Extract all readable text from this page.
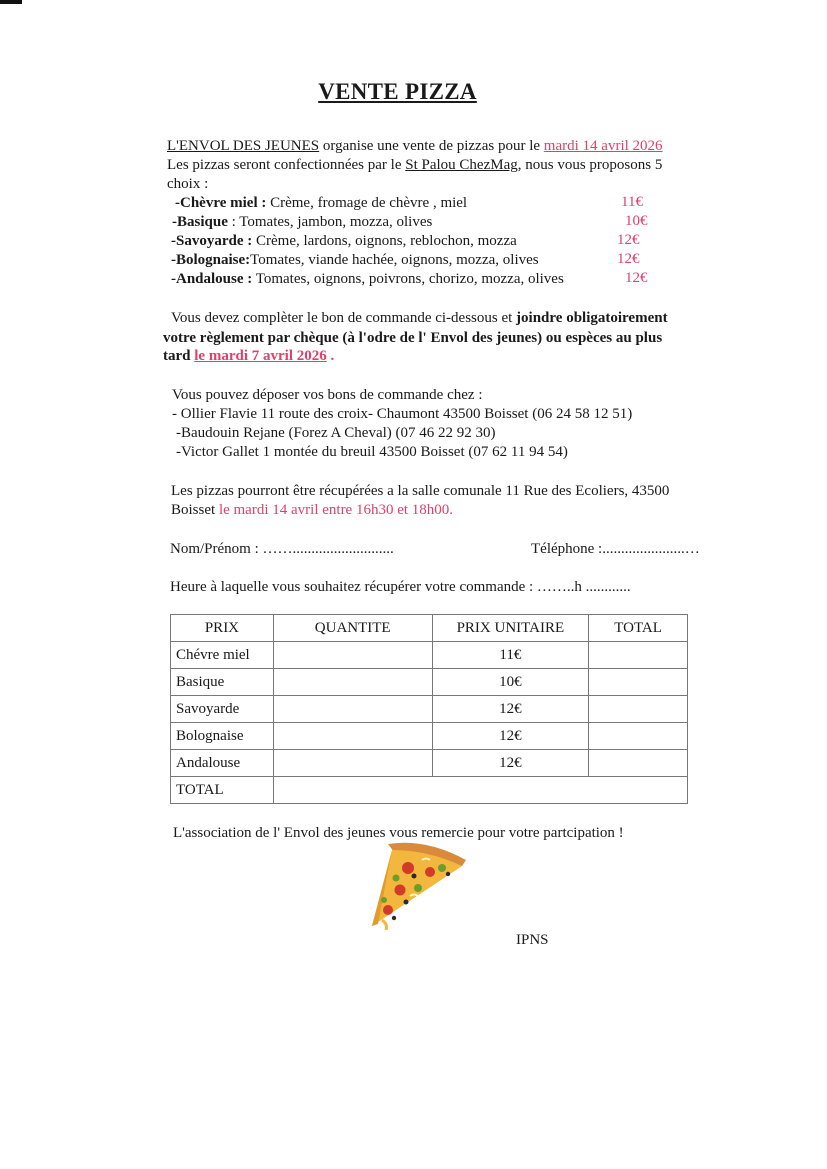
VENTE PIZZA
L'ENVOL DES JEUNES organise une vente de pizzas pour le mardi 14 avril 2026
Les pizzas seront confectionnées par le St Palou ChezMag, nous vous proposons 5
choix :
-Chèvre miel : Crème, fromage de chèvre , miel	11€
-Basique : Tomates, jambon, mozza, olives	10€
-Savoyarde : Crème, lardons, oignons, reblochon, mozza	12€
-Bolognaise:Tomates, viande hachée, oignons, mozza, olives	12€
-Andalouse : Tomates, oignons, poivrons, chorizo, mozza, olives	12€
Vous devez complèter le bon de commande ci-dessous et joindre obligatoirement
votre règlement par chèque (à l'odre de l' Envol des jeunes) ou espèces au plus
tard le mardi 7 avril 2026 .
Vous pouvez déposer vos bons de commande chez :
- Ollier Flavie 11 route des croix- Chaumont 43500 Boisset (06 24 58 12 51)
-Baudouin Rejane (Forez A Cheval) (07 46 22 92 30)
-Victor Gallet 1 montée du breuil 43500 Boisset (07 62 11 94 54)
Les pizzas pourront être récupérées a la salle comunale 11 Rue des Ecoliers, 43500
Boisset le mardi 14 avril entre 16h30 et 18h00.
Nom/Prénom : ……...........................	Téléphone :......................…
Heure à laquelle vous souhaitez récupérer votre commande : ……..h ............
PRIX	QUANTITE	PRIX UNITAIRE	TOTAL
Chévre miel		11€	
Basique		10€	
Savoyarde		12€	
Bolognaise		12€	
Andalouse		12€	
TOTAL			
L'association de l' Envol des jeunes vous remercie pour votre partcipation !
IPNS
